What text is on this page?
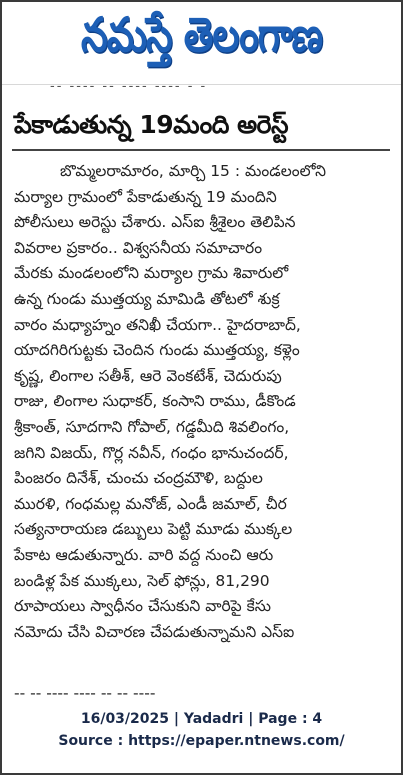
నమస్తే తెలంగాణ
-- ---- -- ---- ---- - -
పేకాడుతున్న 19మంది అరెస్ట్
బొమ్మలరామారం, మార్చి 15 : మండలంలోని
మర్యాల గ్రామంలో పేకాడుతున్న 19 మందిని
పోలీసులు అరెస్టు చేశారు. ఎస్ఐ శ్రీశైలం తెలిపిన
వివరాల ప్రకారం.. విశ్వసనీయ సమాచారం
మేరకు మండలంలోని మర్యాల గ్రామ శివారులో
ఉన్న గుండు ముత్తయ్య మామిడి తోటలో శుక్ర
వారం మధ్యాహ్నం తనిఖీ చేయగా.. హైదరాబాద్,
యాదగిరిగుట్టకు చెందిన గుండు ముత్తయ్య, కళ్లెం
కృష్ణ, లింగాల సతీశ్, ఆరె వెంకటేశ్, చెదురుపు
రాజు, లింగాల సుధాకర్, కంసాని రాము, డీకొండ
శ్రీకాంత్, సూదగాని గోపాల్, గడ్డమీది శివలింగం,
జగిని విజయ్, గొర్ల నవీన్, గంధం భానుచందర్,
పింజరం దినేశ్, చుంచు చంద్రమౌళి, బద్దుల
మురళి, గంధమల్ల మనోజ్, ఎండీ జమాల్, చీర
సత్యనారాయణ డబ్బులు పెట్టి మూడు ముక్కల
పేకాట ఆడుతున్నారు. వారి వద్ద నుంచి ఆరు
బండిళ్ల పేక ముక్కలు, సెల్ ఫోన్లు, 81,290
రూపాయలు స్వాధీనం చేసుకుని వారిపై కేసు
నమోదు చేసి విచారణ చేపడుతున్నామని ఎస్ఐ
-- -- ---- ---- -- -- ----
16/03/2025 | Yadadri | Page : 4
Source : https://epaper.ntnews.com/
